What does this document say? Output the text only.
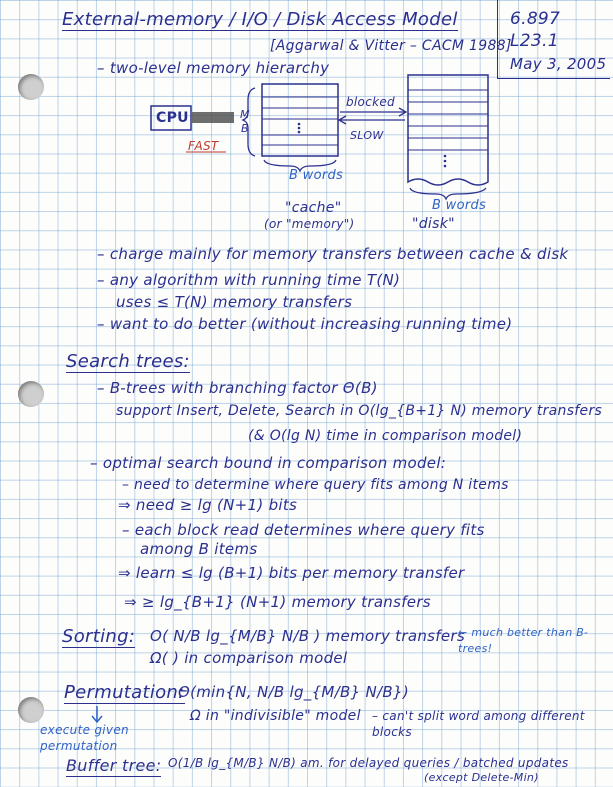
External-memory / I/O / Disk Access Model
[Aggarwal & Vitter – CACM 1988]
6.897
L23.1
May 3, 2005
– two-level memory hierarchy
CPU
FAST
M
B
blocked
SLOW
B words
B words
"cache"
(or "memory")	"disk"
– charge mainly for memory transfers between cache & disk
– any algorithm with running time T(N)
uses ≤ T(N) memory transfers
– want to do better (without increasing running time)
Search trees:
– B-trees with branching factor Θ(B)
support Insert, Delete, Search in O(lg_{B+1} N) memory transfers
(& O(lg N) time in comparison model)
– optimal search bound in comparison model:
– need to determine where query fits among N items
⇒ need ≥ lg (N+1) bits
– each block read determines where query fits
among B items
⇒ learn ≤ lg (B+1) bits per memory transfer
⇒ ≥ lg_{B+1} (N+1) memory transfers
Sorting: O( N/B lg_{M/B} N/B ) memory transfers
← much better than B-trees!
Ω( ) in comparison model
Permutation:
Θ(min{N, N/B lg_{M/B} N/B})
Ω in "indivisible" model – can't split word among different blocks
execute given permutation
Buffer tree: O(1/B lg_{M/B} N/B) am. for delayed queries / batched updates
(except Delete-Min)
